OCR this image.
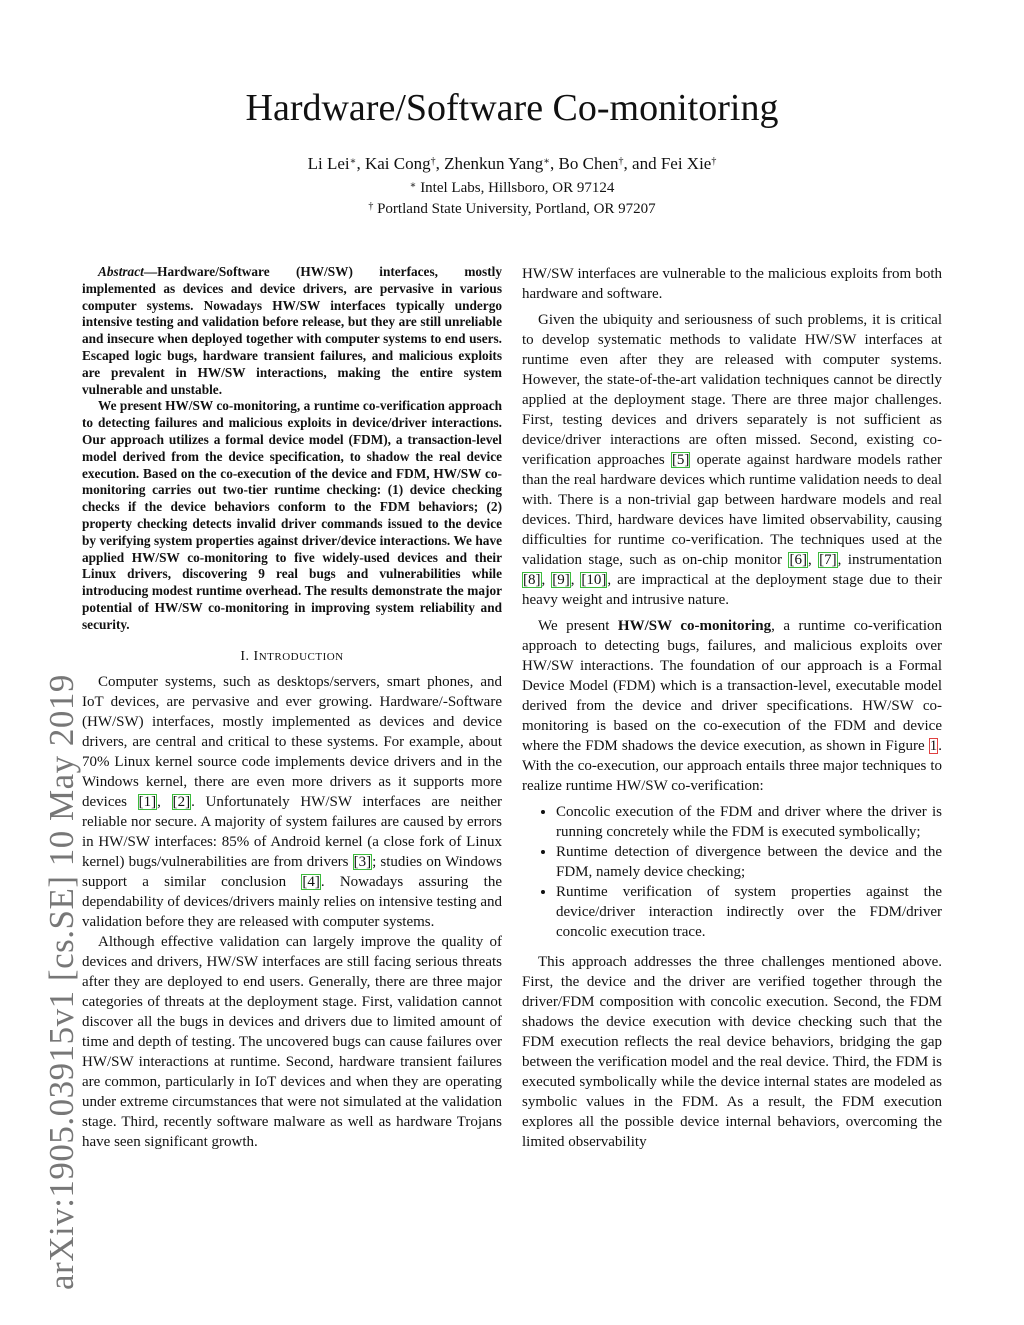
arXiv:1905.03915v1 [cs.SE] 10 May 2019
Hardware/Software Co-monitoring
Li Lei∗, Kai Cong†, Zhenkun Yang∗, Bo Chen†, and Fei Xie†
∗ Intel Labs, Hillsboro, OR 97124
† Portland State University, Portland, OR 97207

Abstract—Hardware/Software (HW/SW) interfaces, mostly implemented as devices and device drivers, are pervasive in various computer systems. Nowadays HW/SW interfaces typically undergo intensive testing and validation before release, but they are still unreliable and insecure when deployed together with computer systems to end users. Escaped logic bugs, hardware transient failures, and malicious exploits are prevalent in HW/SW interactions, making the entire system vulnerable and unstable.

We present HW/SW co-monitoring, a runtime co-verification approach to detecting failures and malicious exploits in device/driver interactions. Our approach utilizes a formal device model (FDM), a transaction-level model derived from the device specification, to shadow the real device execution. Based on the co-execution of the device and FDM, HW/SW co-monitoring carries out two-tier runtime checking: (1) device checking checks if the device behaviors conform to the FDM behaviors; (2) property checking detects invalid driver commands issued to the device by verifying system properties against driver/device interactions. We have applied HW/SW co-monitoring to five widely-used devices and their Linux drivers, discovering 9 real bugs and vulnerabilities while introducing modest runtime overhead. The results demonstrate the major potential of HW/SW co-monitoring in improving system reliability and security.

I. INTRODUCTION

Computer systems, such as desktops/servers, smart phones, and IoT devices, are pervasive and ever growing. Hardware/-Software (HW/SW) interfaces, mostly implemented as devices and device drivers, are central and critical to these systems. For example, about 70% Linux kernel source code implements device drivers and in the Windows kernel, there are even more drivers as it supports more devices [1], [2]. Unfortunately HW/SW interfaces are neither reliable nor secure. A majority of system failures are caused by errors in HW/SW interfaces: 85% of Android kernel (a close fork of Linux kernel) bugs/vulnerabilities are from drivers [3]; studies on Windows support a similar conclusion [4]. Nowadays assuring the dependability of devices/drivers mainly relies on intensive testing and validation before they are released with computer systems.

Although effective validation can largely improve the quality of devices and drivers, HW/SW interfaces are still facing serious threats after they are deployed to end users. Generally, there are three major categories of threats at the deployment stage. First, validation cannot discover all the bugs in devices and drivers due to limited amount of time and depth of testing. The uncovered bugs can cause failures over HW/SW interactions at runtime. Second, hardware transient failures are common, particularly in IoT devices and when they are operating under extreme circumstances that were not simulated at the validation stage. Third, recently software malware as well as hardware Trojans have seen significant growth.

HW/SW interfaces are vulnerable to the malicious exploits from both hardware and software.

Given the ubiquity and seriousness of such problems, it is critical to develop systematic methods to validate HW/SW interfaces at runtime even after they are released with computer systems. However, the state-of-the-art validation techniques cannot be directly applied at the deployment stage. There are three major challenges. First, testing devices and drivers separately is not sufficient as device/driver interactions are often missed. Second, existing co-verification approaches [5] operate against hardware models rather than the real hardware devices which runtime validation needs to deal with. There is a non-trivial gap between hardware models and real devices. Third, hardware devices have limited observability, causing difficulties for runtime co-verification. The techniques used at the validation stage, such as on-chip monitor [6], [7], instrumentation [8], [9], [10], are impractical at the deployment stage due to their heavy weight and intrusive nature.

We present HW/SW co-monitoring, a runtime co-verification approach to detecting bugs, failures, and malicious exploits over HW/SW interactions. The foundation of our approach is a Formal Device Model (FDM) which is a transaction-level, executable model derived from the device and driver specifications. HW/SW co-monitoring is based on the co-execution of the FDM and device where the FDM shadows the device execution, as shown in Figure 1. With the co-execution, our approach entails three major techniques to realize runtime HW/SW co-verification:

• Concolic execution of the FDM and driver where the driver is running concretely while the FDM is executed symbolically;
• Runtime detection of divergence between the device and the FDM, namely device checking;
• Runtime verification of system properties against the device/driver interaction indirectly over the FDM/driver concolic execution trace.

This approach addresses the three challenges mentioned above. First, the device and the driver are verified together through the driver/FDM composition with concolic execution. Second, the FDM shadows the device execution with device checking such that the FDM execution reflects the real device behaviors, bridging the gap between the verification model and the real device. Third, the FDM is executed symbolically while the device internal states are modeled as symbolic values in the FDM. As a result, the FDM execution explores all the possible device internal behaviors, overcoming the limited observability
